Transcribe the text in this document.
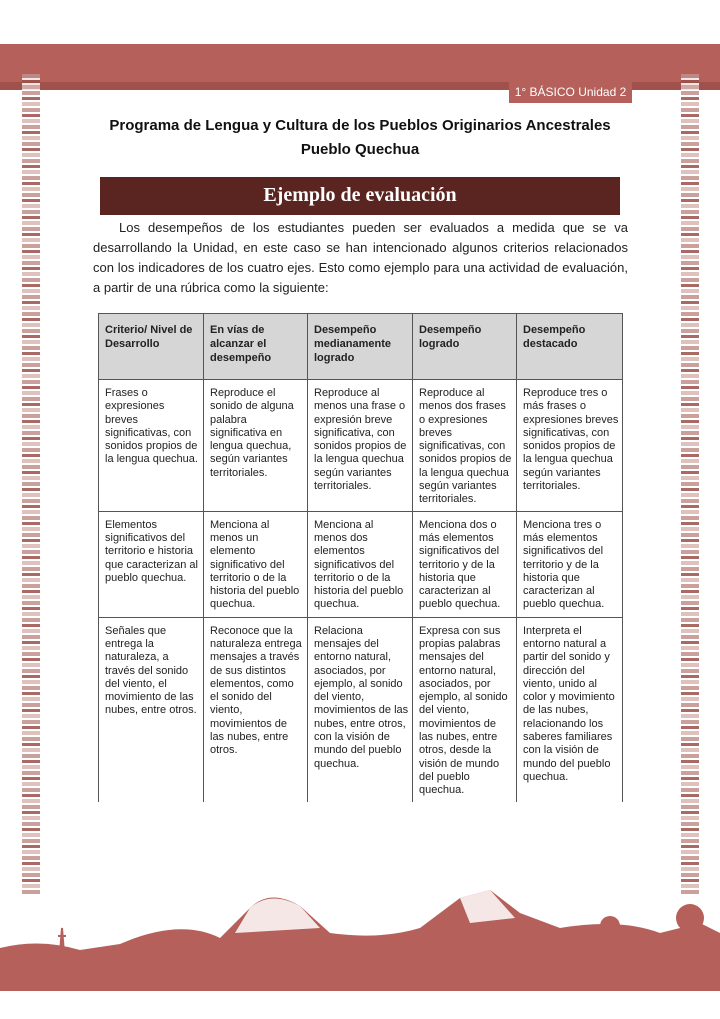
1° BÁSICO Unidad 2
Programa de Lengua y Cultura de los Pueblos Originarios Ancestrales
Pueblo Quechua
Ejemplo de evaluación

Los desempeños de los estudiantes pueden ser evaluados a medida que se va desarrollando la Unidad, en este caso se han intencionado algunos criterios relacionados con los indicadores de los cuatro ejes. Esto como ejemplo para una actividad de evaluación, a partir de una rúbrica como la siguiente:

Criterio/ Nivel de Desarrollo	En vías de alcanzar el desempeño	Desempeño medianamente logrado	Desempeño logrado	Desempeño destacado
Frases o expresiones breves significativas, con sonidos propios de la lengua quechua.	Reproduce el sonido de alguna palabra significativa en lengua quechua, según variantes territoriales.	Reproduce al menos una frase o expresión breve significativa, con sonidos propios de la lengua quechua según variantes territoriales.	Reproduce al menos dos frases o expresiones breves significativas, con sonidos propios de la lengua quechua según variantes territoriales.	Reproduce tres o más frases o expresiones breves significativas, con sonidos propios de la lengua quechua según variantes territoriales.
Elementos significativos del territorio e historia que caracterizan al pueblo quechua.	Menciona al menos un elemento significativo del territorio o de la historia del pueblo quechua.	Menciona al menos dos elementos significativos del territorio o de la historia del pueblo quechua.	Menciona dos o más elementos significativos del territorio y de la historia que caracterizan al pueblo quechua.	Menciona tres o más elementos significativos del territorio y de la historia que caracterizan al pueblo quechua.
Señales que entrega la naturaleza, a través del sonido del viento, el movimiento de las nubes, entre otros.	Reconoce que la naturaleza entrega mensajes a través de sus distintos elementos, como el sonido del viento, movimientos de las nubes, entre otros.	Relaciona mensajes del entorno natural, asociados, por ejemplo, al sonido del viento, movimientos de las nubes, entre otros, con la visión de mundo del pueblo quechua.	Expresa con sus propias palabras mensajes del entorno natural, asociados, por ejemplo, al sonido del viento, movimientos de las nubes, entre otros, desde la visión de mundo del pueblo quechua.	Interpreta el entorno natural a partir del sonido y dirección del viento, unido al color y movimiento de las nubes, relacionando los saberes familiares con la visión de mundo del pueblo quechua.
